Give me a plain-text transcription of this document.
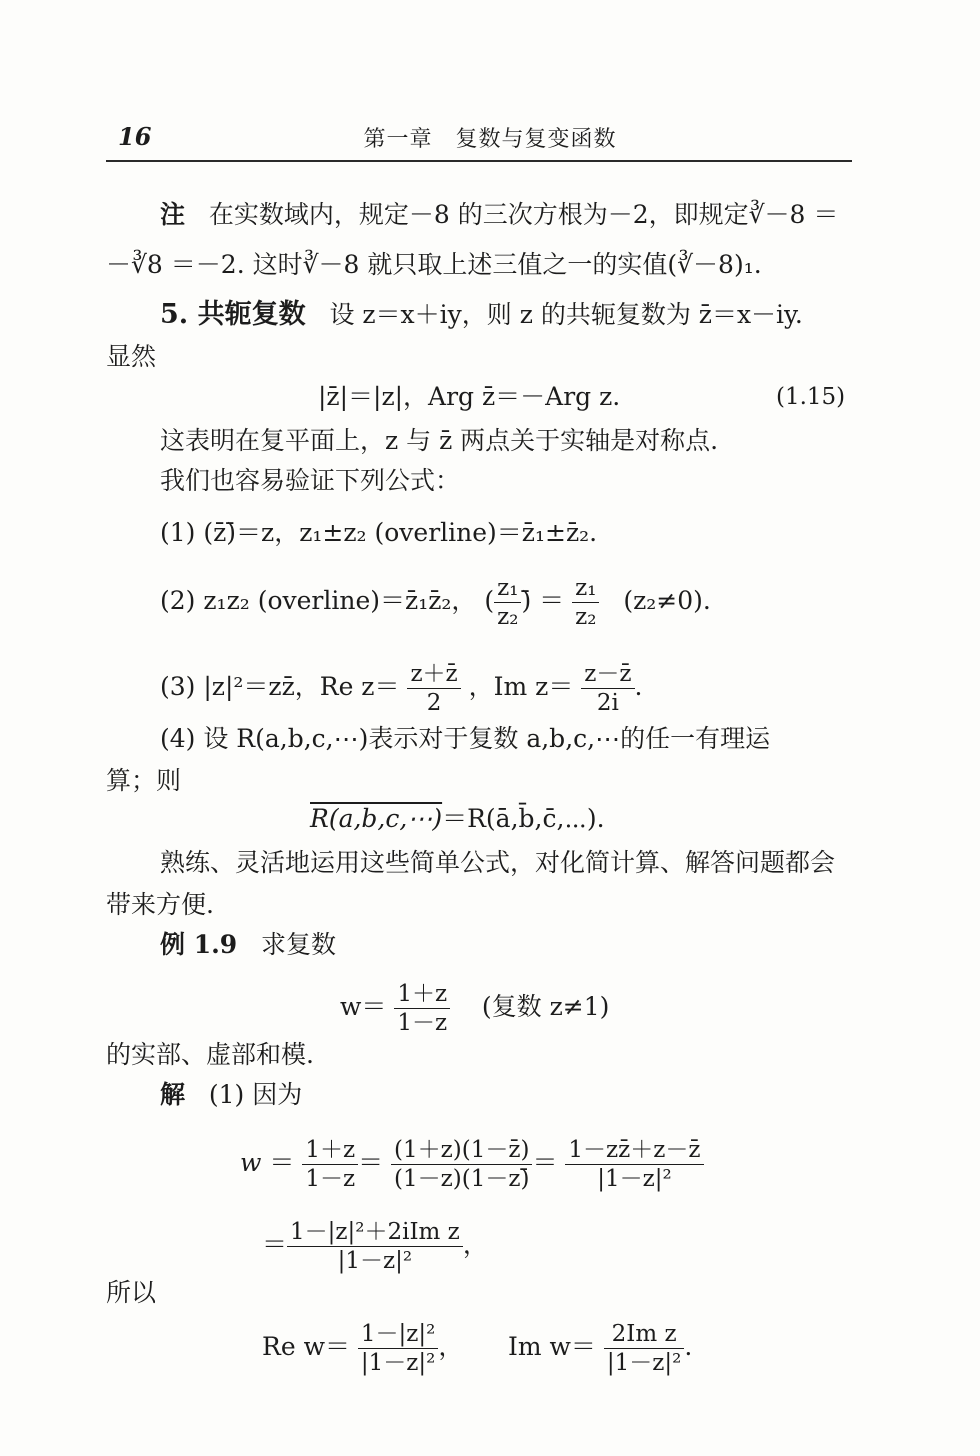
16	第一章　复数与复变函数
注 在实数域内，规定－8 的三次方根为－2，即规定∛－8 ＝
－∛8 ＝－2. 这时∛－8 就只取上述三值之一的实值(∛－8)₁.
5. 共轭复数 设 z＝x＋iy，则 z 的共轭复数为 z̄＝x－iy.
显然
|z̄|＝|z|，Arg z̄＝－Arg z.	(1.15)
这表明在复平面上，z 与 z̄ 两点关于实轴是对称点.
我们也容易验证下列公式：
(1) (z̄)̄＝z，z₁±z₂ (overline)＝z̄₁±z̄₂.
(2) z₁z₂ (overline)＝z̄₁z̄₂， ( $\frac{\text{z₁}}{\text{z₂}}$ )̄ ＝ $\frac{\text{z₁}}{\text{z₂}} (z_2\ne 0)$.
(3) |z|²＝zz̄，Re $z= \frac{z+z̄}{2}$ ，Im $z= \frac{z-z̄}{2i}$ .
(4) 设 R(a,b,c,⋯)表示对于复数 a,b,c,⋯的任一有理运
算；则
R(a,b,c,⋯)＝R(ā,b̄,c̄,⋯).
熟练、灵活地运用这些简单公式，对化简计算、解答问题都会
带来方便.
例 1.9 求复数
$w= \frac{1+z}{1-z}$ (复数 z≠1)
的实部、虚部和模.
解 (1) 因为
$w = \frac{1+z}{1-z} = \frac{(1+z)(1-z̄)}{(1-z)(1-z)̄} = \frac{1-zz̄+z-z̄}{\text{|1－z|²}}$
＝ $\frac{\text{1－|z|²＋2iIm z}}{\text{|1－z|²}}$ ，
所以
Re $w= \frac{\text{1－|z|²}}{\text{|1－z|²}}$ ， Im $w= \frac{\text{2Im z}}{\text{|1－z|²}}$ .
